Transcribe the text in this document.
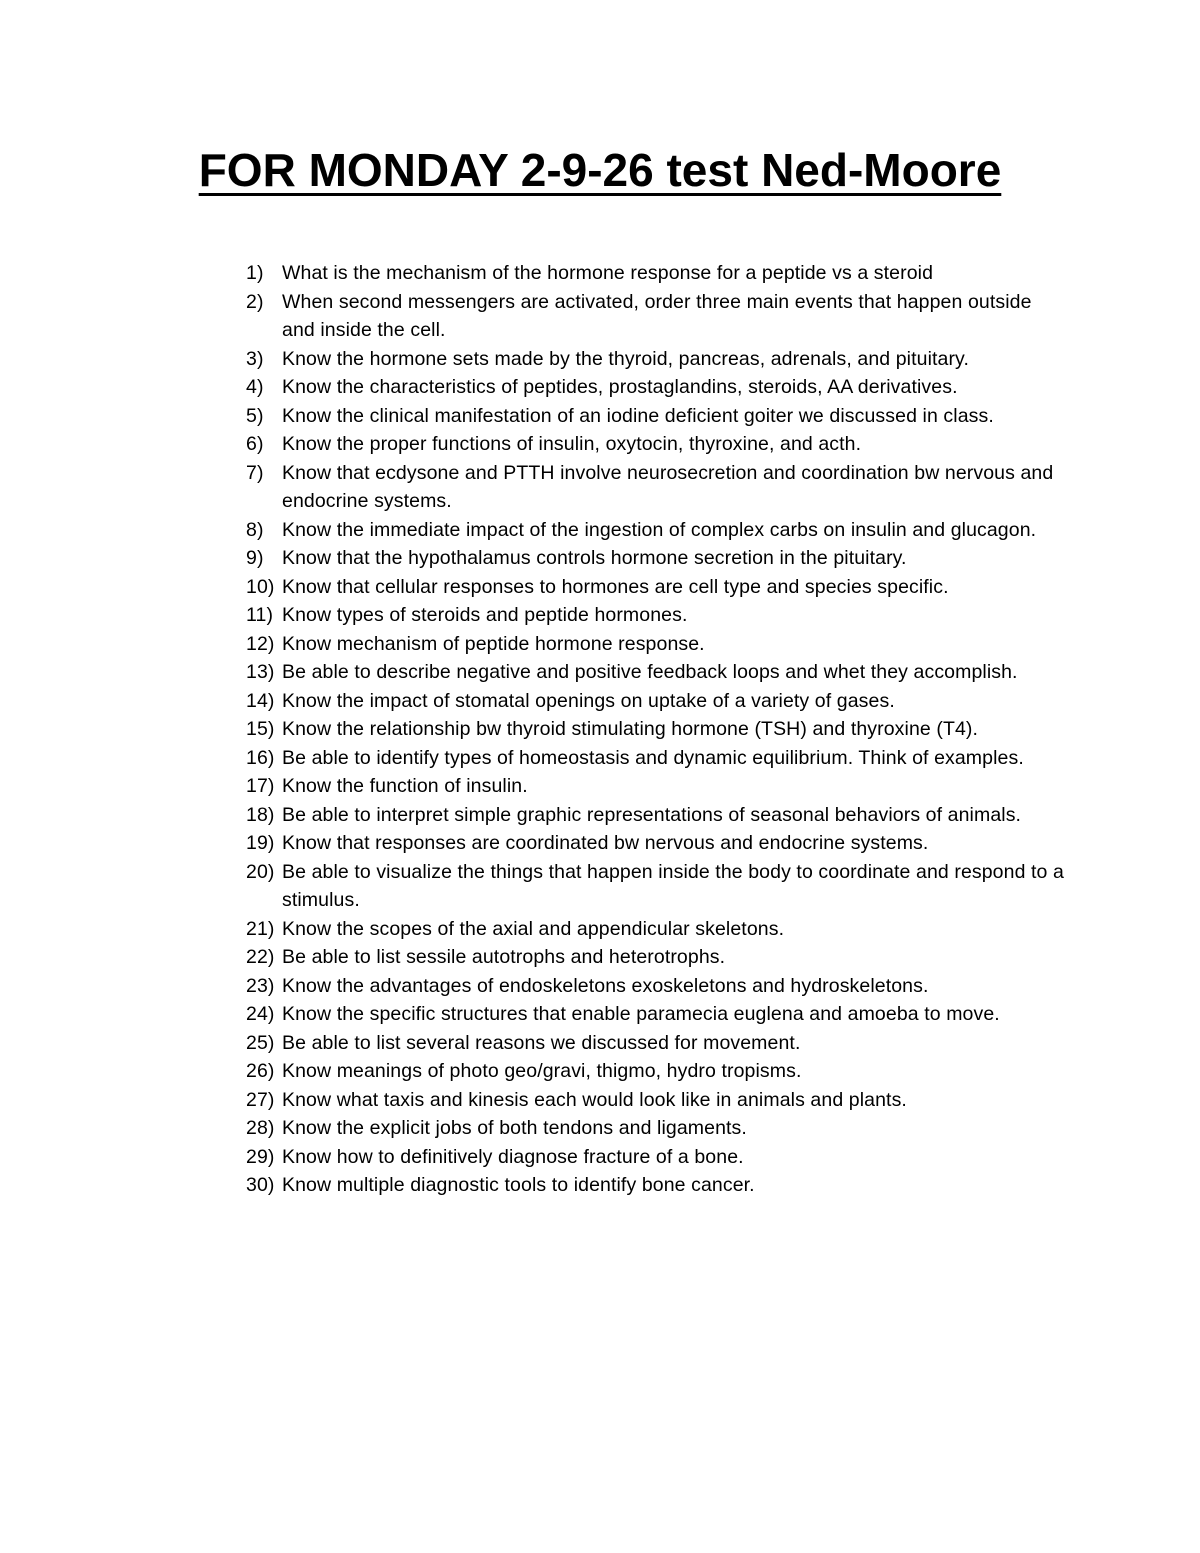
FOR MONDAY 2-9-26 test Ned-Moore
1) What is the mechanism of the hormone response for a peptide vs a steroid
2) When second messengers are activated, order three main events that happen outside and inside the cell.
3) Know the hormone sets made by the thyroid, pancreas, adrenals, and pituitary.
4) Know the characteristics of peptides, prostaglandins, steroids, AA derivatives.
5) Know the clinical manifestation of an iodine deficient goiter we discussed in class.
6) Know the proper functions of insulin, oxytocin, thyroxine, and acth.
7) Know that ecdysone and PTTH involve neurosecretion and coordination bw nervous and endocrine systems.
8) Know the immediate impact of the ingestion of complex carbs on insulin and glucagon.
9) Know that the hypothalamus controls hormone secretion in the pituitary.
10) Know that cellular responses to hormones are cell type and species specific.
11) Know types of steroids and peptide hormones.
12) Know mechanism of peptide hormone response.
13) Be able to describe negative and positive feedback loops and whet they accomplish.
14) Know the impact of stomatal openings on uptake of a variety of gases.
15) Know the relationship bw thyroid stimulating hormone (TSH) and thyroxine (T4).
16) Be able to identify types of homeostasis and dynamic equilibrium. Think of examples.
17) Know the function of insulin.
18) Be able to interpret simple graphic representations of seasonal behaviors of animals.
19) Know that responses are coordinated bw nervous and endocrine systems.
20) Be able to visualize the things that happen inside the body to coordinate and respond to a stimulus.
21) Know the scopes of the axial and appendicular skeletons.
22) Be able to list sessile autotrophs and heterotrophs.
23) Know the advantages of endoskeletons exoskeletons and hydroskeletons.
24) Know the specific structures that enable paramecia euglena and amoeba to move.
25) Be able to list several reasons we discussed for movement.
26) Know meanings of photo geo/gravi, thigmo, hydro tropisms.
27) Know what taxis and kinesis each would look like in animals and plants.
28) Know the explicit jobs of both tendons and ligaments.
29) Know how to definitively diagnose fracture of a bone.
30) Know multiple diagnostic tools to identify bone cancer.
